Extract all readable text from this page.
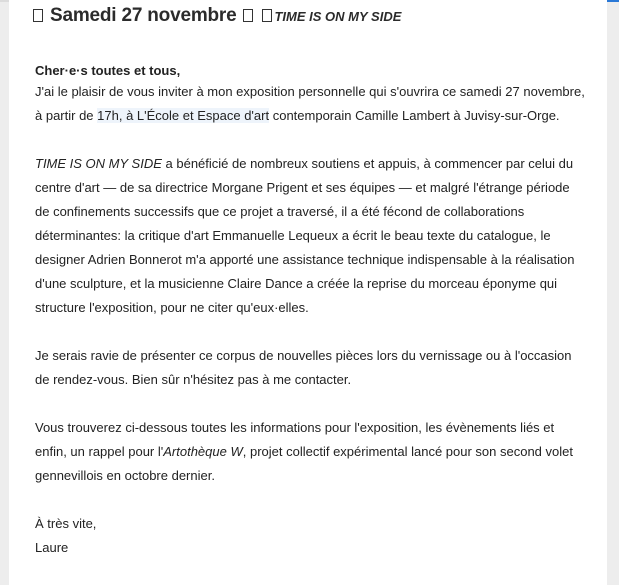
Samedi 27 novembre	TIME IS ON MY SIDE

Cher·e·s toutes et tous,

J'ai le plaisir de vous inviter à mon exposition personnelle qui s'ouvrira ce samedi 27 novembre,

à partir de 17h, à L'École et Espace d'art contemporain Camille Lambert à Juvisy-sur-Orge.

TIME IS ON MY SIDE a bénéficié de nombreux soutiens et appuis, à commencer par celui du

centre d'art — de sa directrice Morgane Prigent et ses équipes — et malgré l'étrange période

de confinements successifs que ce projet a traversé, il a été fécond de collaborations

déterminantes: la critique d'art Emmanuelle Lequeux a écrit le beau texte du catalogue, le

designer Adrien Bonnerot m'a apporté une assistance technique indispensable à la réalisation

d'une sculpture, et la musicienne Claire Dance a créée la reprise du morceau éponyme qui

structure l'exposition, pour ne citer qu'eux·elles.

Je serais ravie de présenter ce corpus de nouvelles pièces lors du vernissage ou à l'occasion

de rendez-vous. Bien sûr n'hésitez pas à me contacter.

Vous trouverez ci-dessous toutes les informations pour l'exposition, les évènements liés et

enfin, un rappel pour l'Artothèque W, projet collectif expérimental lancé pour son second volet

gennevillois en octobre dernier.

À très vite,

Laure
